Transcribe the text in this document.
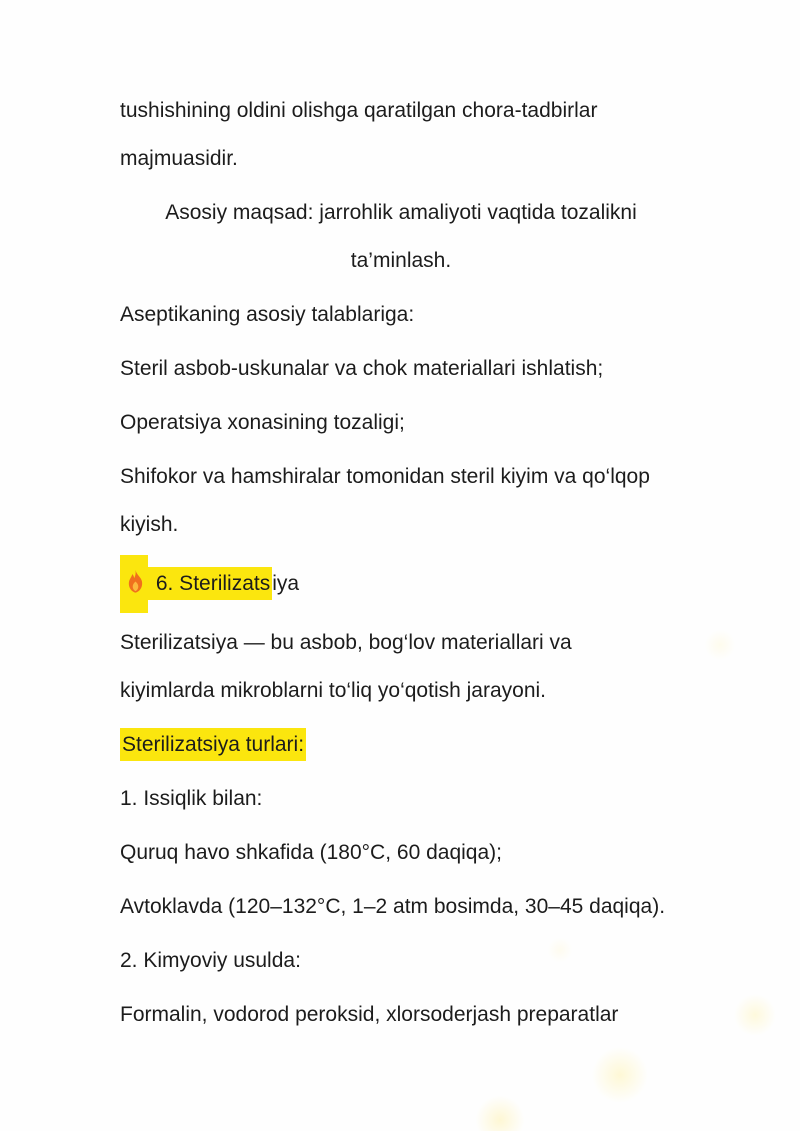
tushishining oldini olishga qaratilgan chora-tadbirlar
majmuasidir.
Asosiy maqsad: jarrohlik amaliyoti vaqtida tozalikni
ta’minlash.
Aseptikaning asosiy talablariga:
Steril asbob-uskunalar va chok materiallari ishlatish;
Operatsiya xonasining tozaligi;
Shifokor va hamshiralar tomonidan steril kiyim va qo‘lqop
kiyish.
6. Sterilizatsiya
Sterilizatsiya — bu asbob, bog‘lov materiallari va
kiyimlarda mikroblarni to‘liq yo‘qotish jarayoni.
Sterilizatsiya turlari:
1. Issiqlik bilan:
Quruq havo shkafida (180°C, 60 daqiqa);
Avtoklavda (120–132°C, 1–2 atm bosimda, 30–45 daqiqa).
2. Kimyoviy usulda:
Formalin, vodorod peroksid, xlorsoderjash preparatlar
